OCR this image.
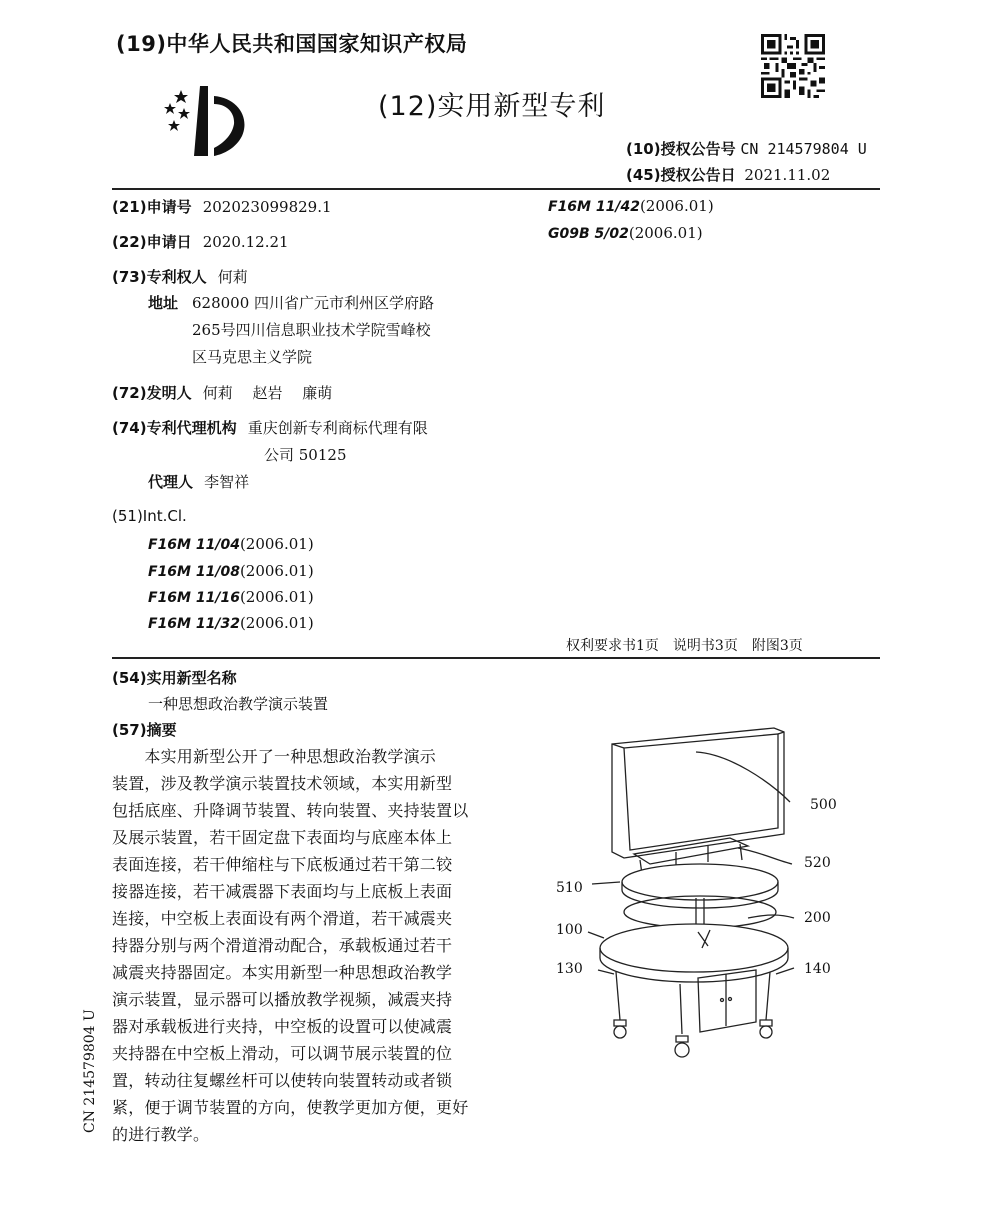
(19)中华人民共和国国家知识产权局
(12)实用新型专利
(10)授权公告号 CN 214579804 U
(45)授权公告日 2021.11.02
(21)申请号 202023099829.1
(22)申请日 2020.12.21
(73)专利权人 何莉
地址 628000 四川省广元市利州区学府路
265号四川信息职业技术学院雪峰校
区马克思主义学院
(72)发明人 何莉　 赵岩　 廉萌
(74)专利代理机构 重庆创新专利商标代理有限
公司 50125
代理人 李智祥
(51)Int.Cl.
F16M 11/04(2006.01)
F16M 11/08(2006.01)
F16M 11/16(2006.01)
F16M 11/32(2006.01)
F16M 11/42(2006.01)
G09B 5/02(2006.01)
权利要求书1页　说明书3页　附图3页
(54)实用新型名称
一种思想政治教学演示装置
(57)摘要
　　本实用新型公开了一种思想政治教学演示
装置，涉及教学演示装置技术领域，本实用新型
包括底座、升降调节装置、转向装置、夹持装置以
及展示装置，若干固定盘下表面均与底座本体上
表面连接，若干伸缩柱与下底板通过若干第二铰
接器连接，若干减震器下表面均与上底板上表面
连接，中空板上表面设有两个滑道，若干减震夹
持器分别与两个滑道滑动配合，承载板通过若干
减震夹持器固定。本实用新型一种思想政治教学
演示装置，显示器可以播放教学视频，减震夹持
器对承载板进行夹持，中空板的设置可以使减震
夹持器在中空板上滑动，可以调节展示装置的位
置，转动往复螺丝杆可以使转向装置转动或者锁
紧，便于调节装置的方向，使教学更加方便，更好
的进行教学。
CN 214579804 U
500
520
510
200
100
130	140
